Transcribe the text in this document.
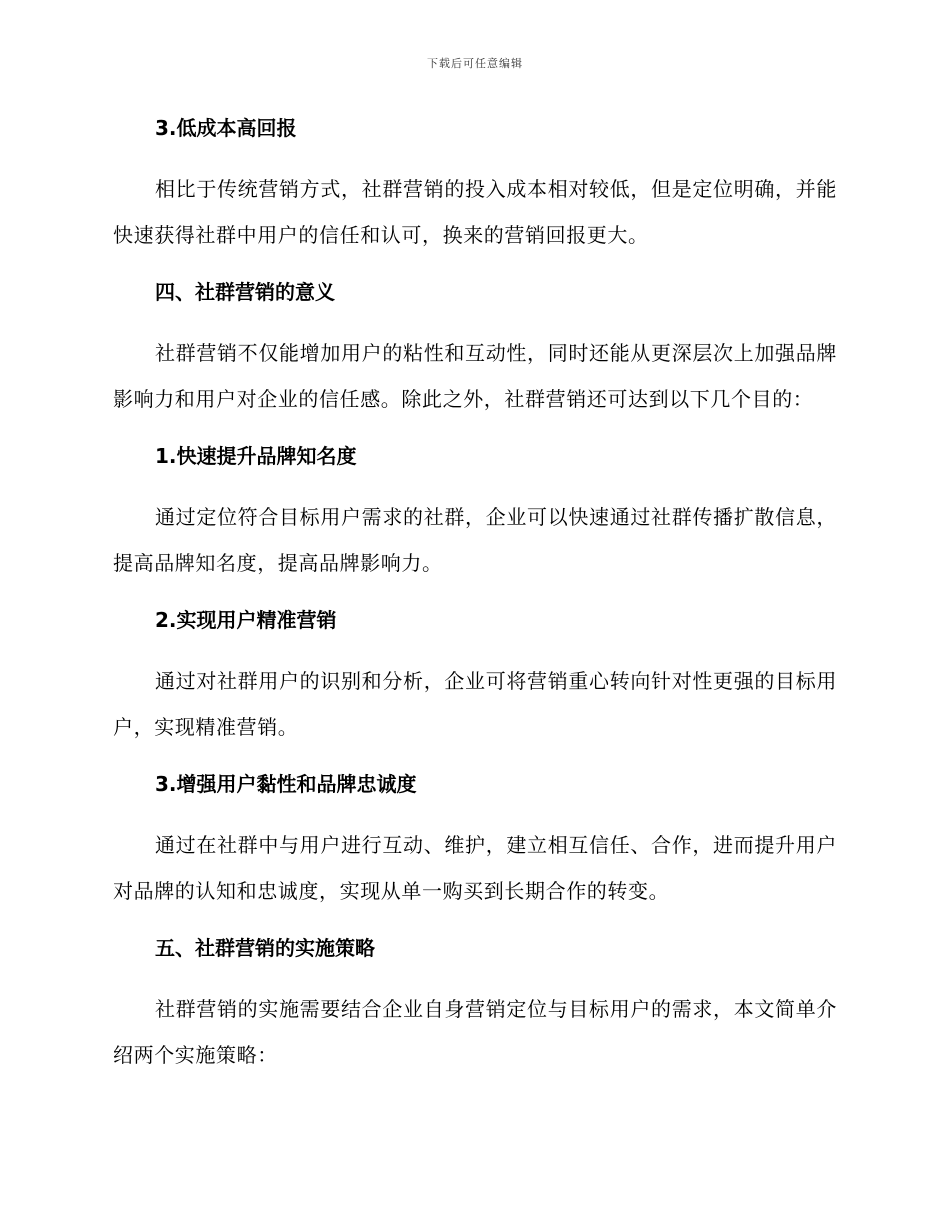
下载后可任意编辑
3.低成本高回报
相比于传统营销方式，社群营销的投入成本相对较低，但是定位明确，并能快速获得社群中用户的信任和认可，换来的营销回报更大。
四、社群营销的意义
社群营销不仅能增加用户的粘性和互动性，同时还能从更深层次上加强品牌影响力和用户对企业的信任感。除此之外，社群营销还可达到以下几个目的：
1.快速提升品牌知名度
通过定位符合目标用户需求的社群，企业可以快速通过社群传播扩散信息，提高品牌知名度，提高品牌影响力。
2.实现用户精准营销
通过对社群用户的识别和分析，企业可将营销重心转向针对性更强的目标用户，实现精准营销。
3.增强用户黏性和品牌忠诚度
通过在社群中与用户进行互动、维护，建立相互信任、合作，进而提升用户对品牌的认知和忠诚度，实现从单一购买到长期合作的转变。
五、社群营销的实施策略
社群营销的实施需要结合企业自身营销定位与目标用户的需求，本文简单介绍两个实施策略：
